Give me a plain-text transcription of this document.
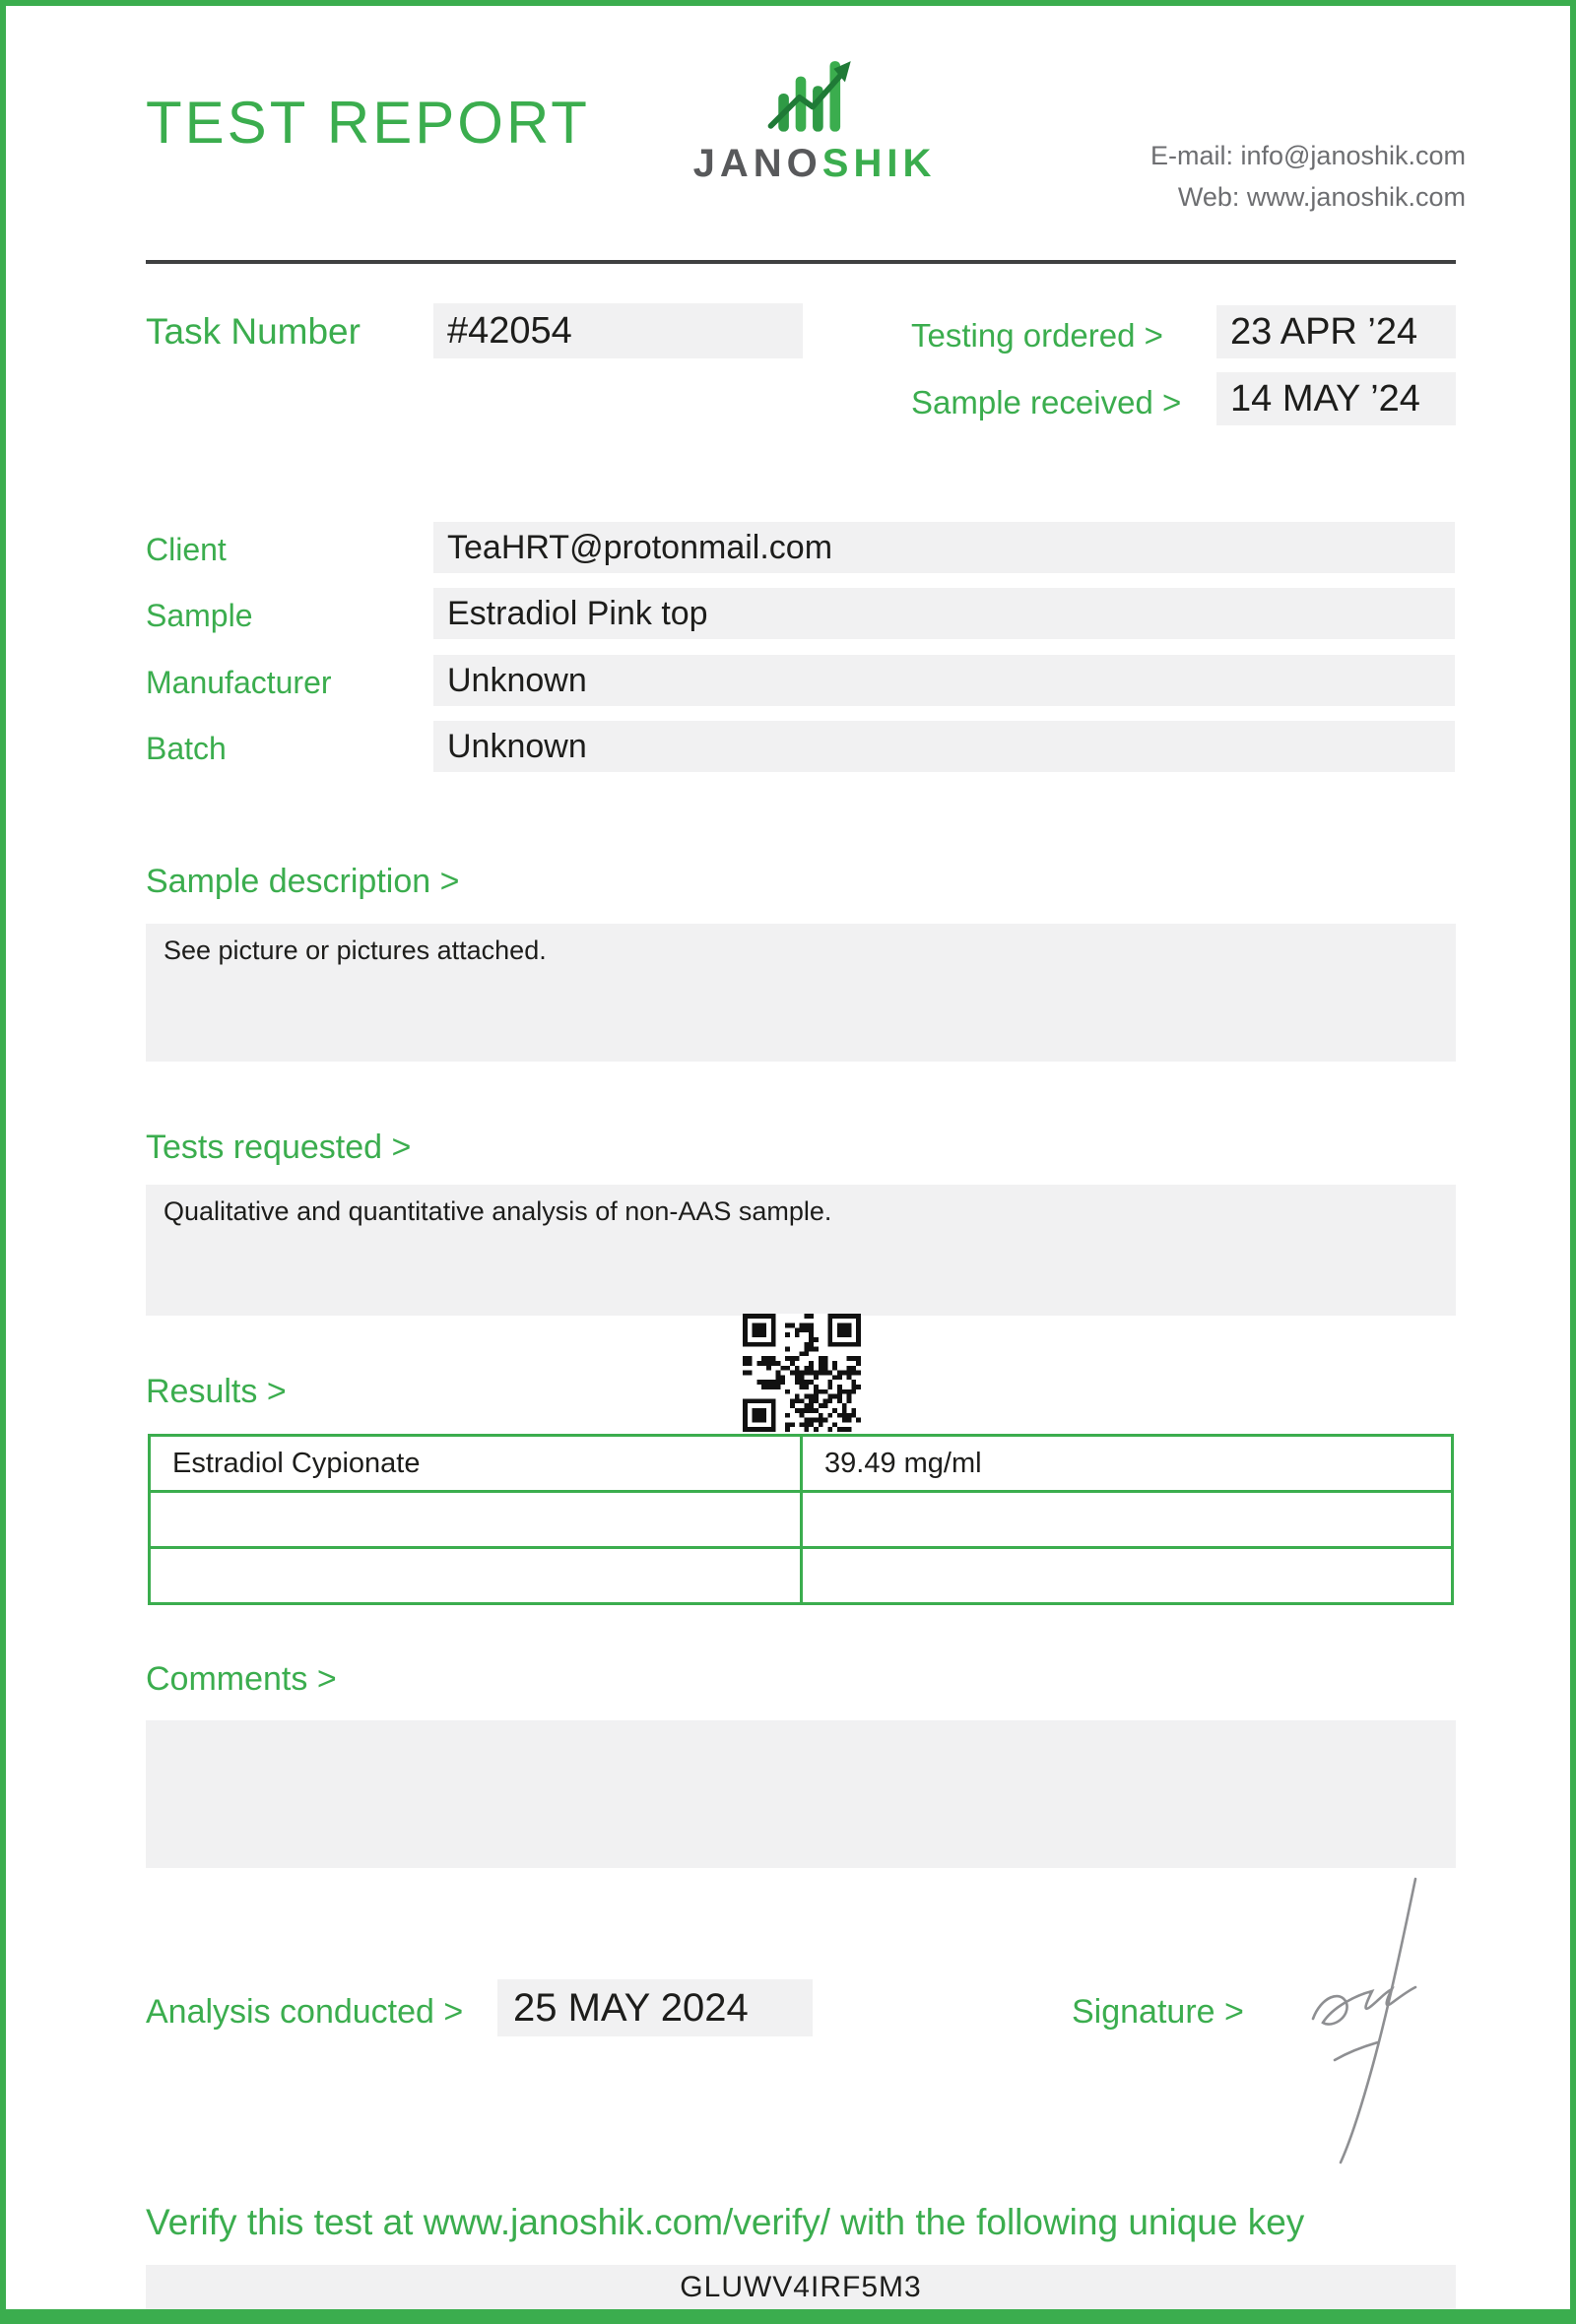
TEST REPORT
JANOSHIK	E-mail: info@janoshik.com
Web: www.janoshik.com
Task Number	#42054	Testing ordered >	23 APR ’24
Sample received >	14 MAY ’24
Client	TeaHRT@protonmail.com
Sample	Estradiol Pink top
Manufacturer	Unknown
Batch	Unknown
Sample description >
See picture or pictures attached.
Tests requested >
Qualitative and quantitative analysis of non-AAS sample.
Results >
Estradiol Cypionate	39.49 mg/ml

Comments >
Analysis conducted >	25 MAY 2024	Signature >
Verify this test at www.janoshik.com/verify/ with the following unique key
GLUWV4IRF5M3
